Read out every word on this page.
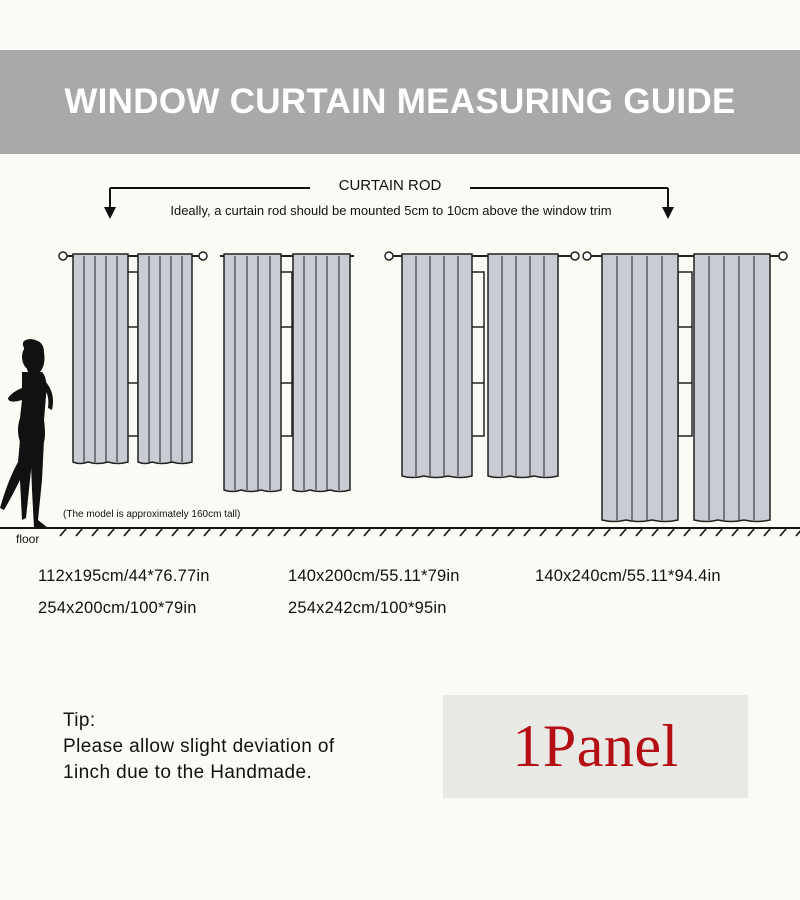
WINDOW CURTAIN MEASURING GUIDE
CURTAIN ROD
Ideally, a curtain rod should be mounted 5cm to 10cm above the window trim
(The model is approximately 160cm tall)
floor
112x195cm/44*76.77in	140x200cm/55.11*79in	140x240cm/55.11*94.4in
254x200cm/100*79in	254x242cm/100*95in
Tip:
Please allow slight deviation of
1inch due to the Handmade.	1Panel
